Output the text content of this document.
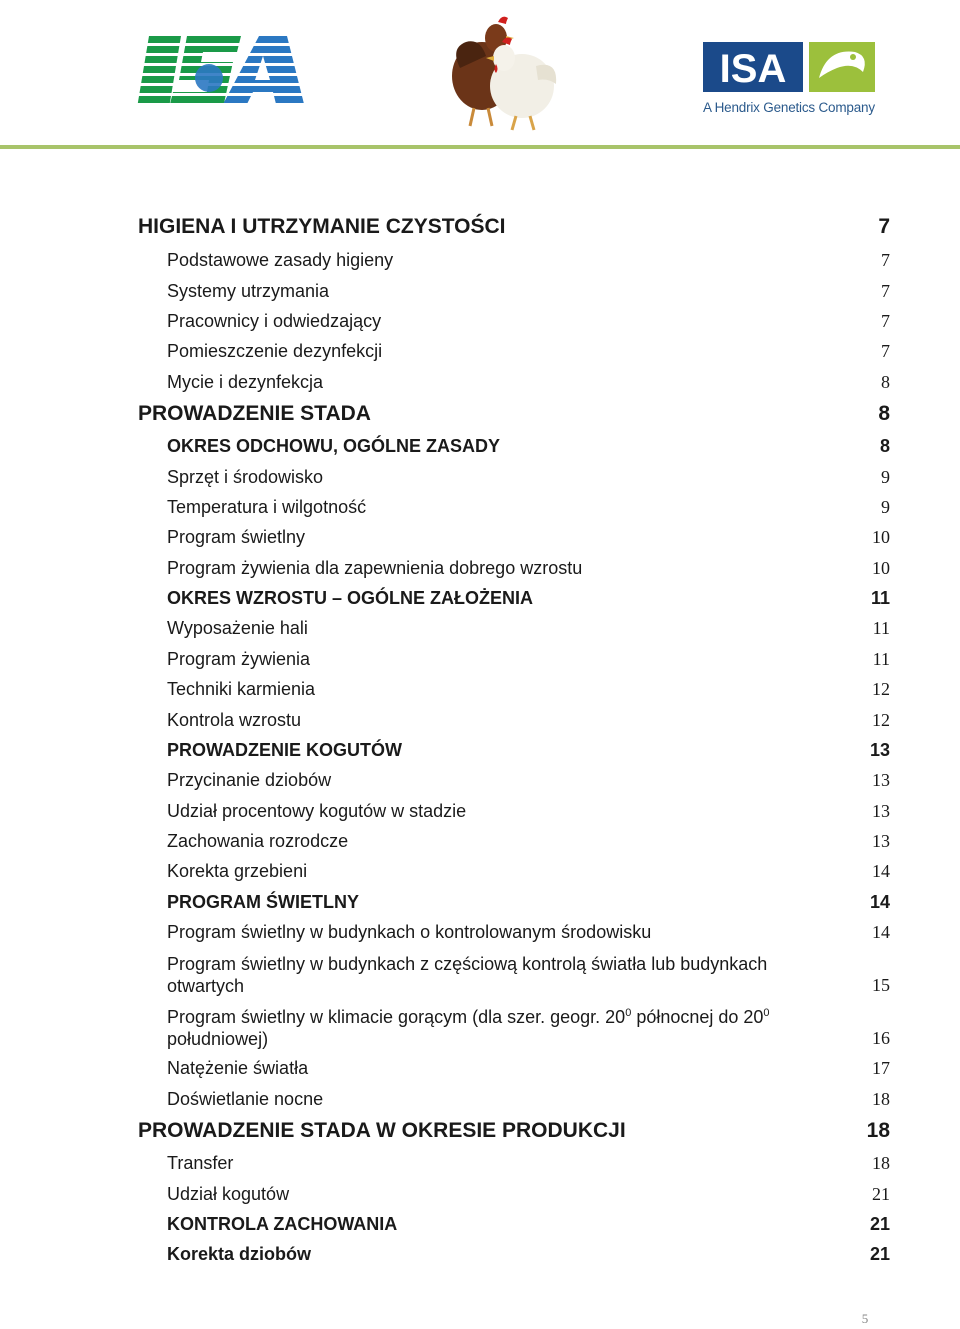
ISA
A Hendrix Genetics Company
HIGIENA I UTRZYMANIE CZYSTOŚCI	7
Podstawowe zasady higieny	7
Systemy utrzymania	7
Pracownicy i odwiedzający	7
Pomieszczenie dezynfekcji	7
Mycie i dezynfekcja	8
PROWADZENIE STADA	8
OKRES ODCHOWU, OGÓLNE ZASADY	8
Sprzęt i środowisko	9
Temperatura i wilgotność	9
Program świetlny	10
Program żywienia dla zapewnienia dobrego wzrostu	10
OKRES WZROSTU – OGÓLNE ZAŁOŻENIA	11
Wyposażenie hali	11
Program żywienia	11
Techniki karmienia	12
Kontrola wzrostu	12
PROWADZENIE KOGUTÓW	13
Przycinanie dziobów	13
Udział procentowy kogutów w stadzie	13
Zachowania rozrodcze	13
Korekta grzebieni	14
PROGRAM ŚWIETLNY	14
Program świetlny w budynkach o kontrolowanym środowisku	14
Program świetlny w budynkach z częściową kontrolą światła lub budynkach otwartych	15
Program świetlny w klimacie gorącym (dla szer. geogr. $20^0$ północnej do $20^0$ południowej)	16
Natężenie światła	17
Doświetlanie nocne	18
PROWADZENIE STADA W OKRESIE PRODUKCJI	18
Transfer	18
Udział kogutów	21
KONTROLA ZACHOWANIA	21
Korekta dziobów	21
5
